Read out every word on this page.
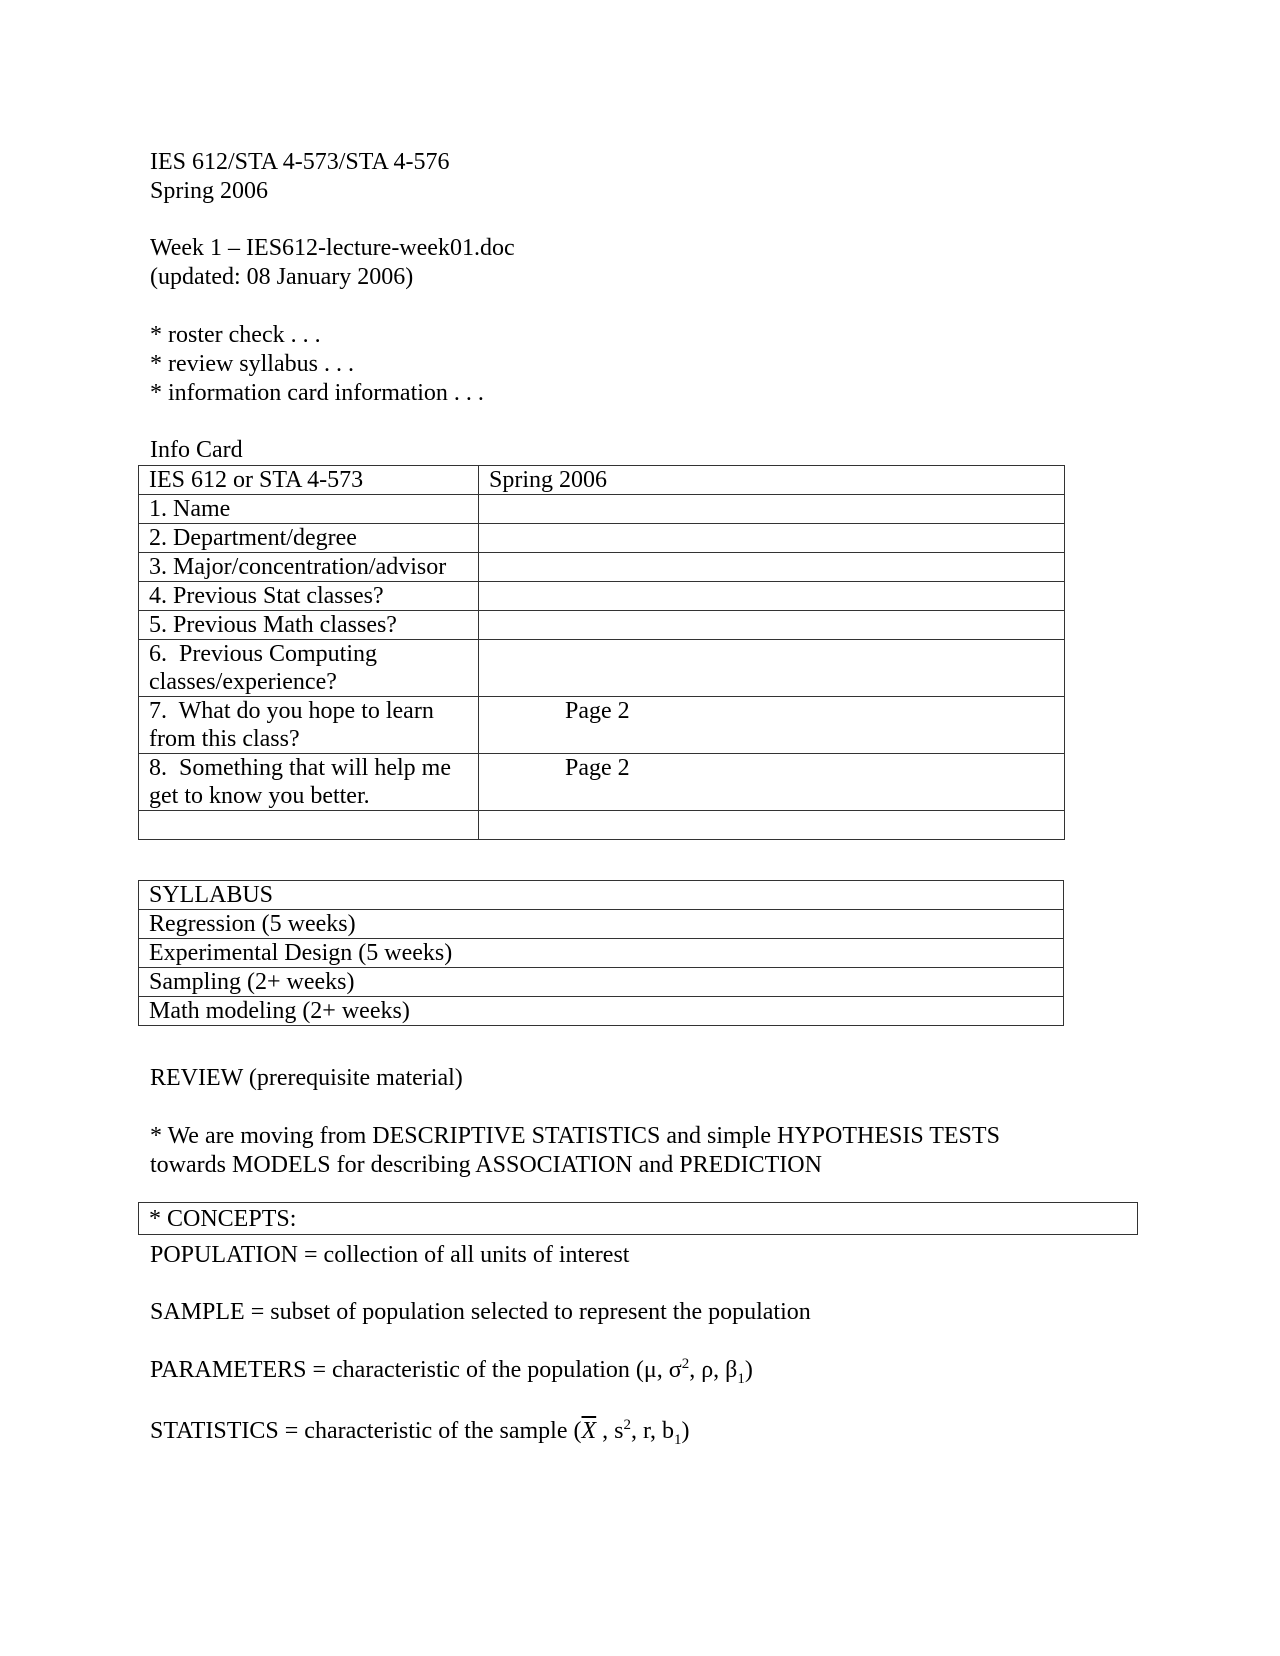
IES 612/STA 4-573/STA 4-576
Spring 2006
Week 1 – IES612-lecture-week01.doc
(updated: 08 January 2006)
* roster check . . .
* review syllabus . . .
* information card information . . .
Info Card
IES 612 or STA 4-573	Spring 2006
1. Name	
2. Department/degree	
3. Major/concentration/advisor	
4. Previous Stat classes?	
5. Previous Math classes?	
6.  Previous Computing classes/experience?	
7.  What do you hope to learn from this class?	Page 2
8.  Something that will help me get to know you better.	Page 2

SYLLABUS
Regression (5 weeks)
Experimental Design (5 weeks)
Sampling (2+ weeks)
Math modeling (2+ weeks)
REVIEW (prerequisite material)
* We are moving from DESCRIPTIVE STATISTICS and simple HYPOTHESIS TESTS
towards MODELS for describing ASSOCIATION and PREDICTION
* CONCEPTS:
POPULATION = collection of all units of interest
SAMPLE = subset of population selected to represent the population
PARAMETERS = characteristic of the population (μ, $\sigma^2$, ρ, $\beta_1$)
STATISTICS = characteristic of the sample ($\overline{X}$ , $s^2$, r, $b_1$)
